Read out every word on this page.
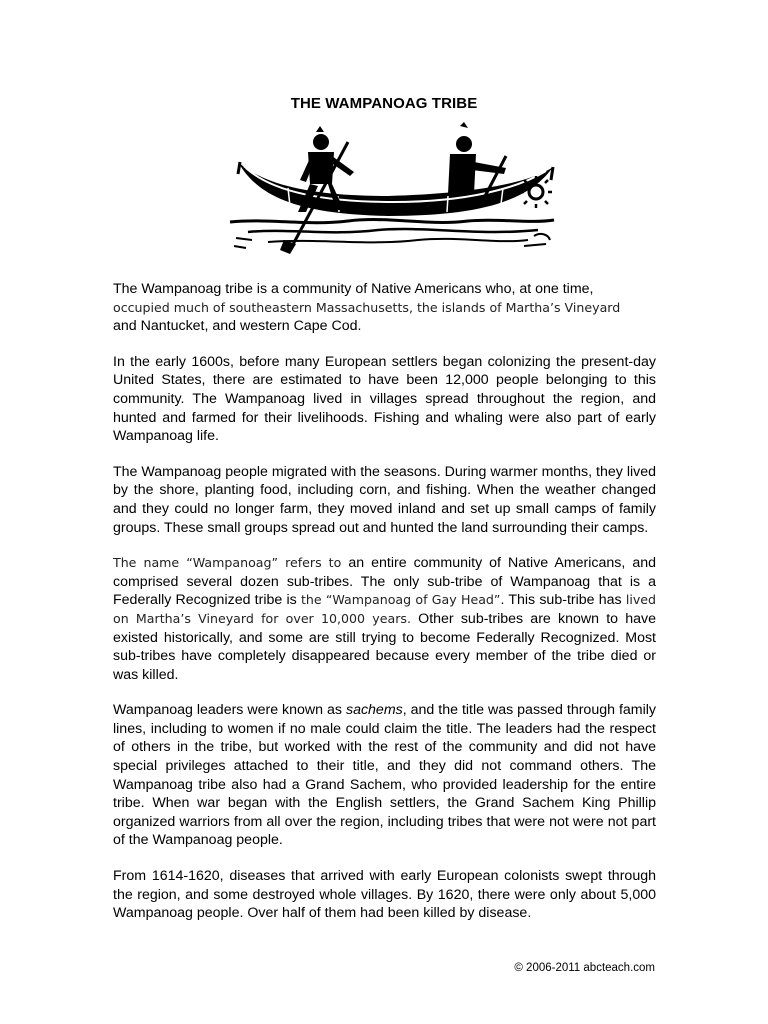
THE WAMPANOAG TRIBE

The Wampanoag tribe is a community of Native Americans who, at one time,
occupied much of southeastern Massachusetts, the islands of Martha’s Vineyard
and Nantucket, and western Cape Cod.

In the early 1600s, before many European settlers began colonizing the present-day United States, there are estimated to have been 12,000 people belonging to this community. The Wampanoag lived in villages spread throughout the region, and hunted and farmed for their livelihoods. Fishing and whaling were also part of early Wampanoag life.

The Wampanoag people migrated with the seasons. During warmer months, they lived by the shore, planting food, including corn, and fishing. When the weather changed and they could no longer farm, they moved inland and set up small camps of family groups. These small groups spread out and hunted the land surrounding their camps.

The name “Wampanoag” refers to an entire community of Native Americans, and comprised several dozen sub-tribes. The only sub-tribe of Wampanoag that is a Federally Recognized tribe is the “Wampanoag of Gay Head”. This sub-tribe has lived on Martha’s Vineyard for over 10,000 years. Other sub-tribes are known to have existed historically, and some are still trying to become Federally Recognized. Most sub-tribes have completely disappeared because every member of the tribe died or was killed.

Wampanoag leaders were known as sachems, and the title was passed through family lines, including to women if no male could claim the title. The leaders had the respect of others in the tribe, but worked with the rest of the community and did not have special privileges attached to their title, and they did not command others. The Wampanoag tribe also had a Grand Sachem, who provided leadership for the entire tribe. When war began with the English settlers, the Grand Sachem King Phillip organized warriors from all over the region, including tribes that were not were not part of the Wampanoag people.

From 1614-1620, diseases that arrived with early European colonists swept through the region, and some destroyed whole villages. By 1620, there were only about 5,000 Wampanoag people. Over half of them had been killed by disease.

© 2006-2011 abcteach.com
